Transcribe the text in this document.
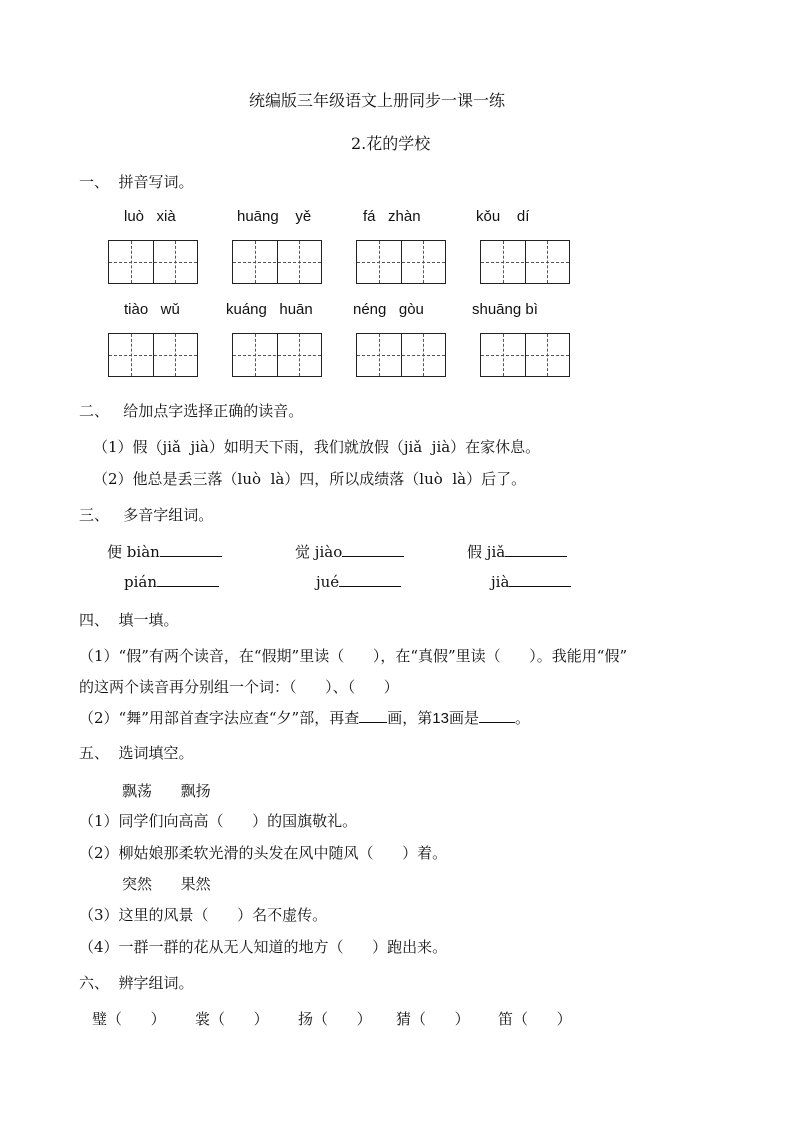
统编版三年级语文上册同步一课一练
2.花的学校
一、  拼音写词。
luò   xià	huāng    yě	fá   zhàn	kǒu    dí
tiào   wǔ	kuáng   huān	néng   gòu	shuāng bì
二、   给加点字选择正确的读音。
（1）假（jiǎ  jià）如明天下雨，我们就放假（jiǎ  jià）在家休息。
（2）他总是丢三落（luò  là）四，所以成绩落（luò  là）后了。
三、   多音字组词。
便 biàn	觉 jiào	假 jiǎ
pián	jué	jià
四、  填一填。
（1）“假”有两个读音，在“假期”里读（      ），在“真假”里读（      ）。我能用“假”
的这两个读音再分别组一个词：（      ）、（      ）
（2）“舞”用部首查字法应查“夕”部，再查 画，第13画是 。
五、  选词填空。
飘荡      飘扬
（1）同学们向高高（      ）的国旗敬礼。
（2）柳姑娘那柔软光滑的头发在风中随风（      ）着。
突然      果然
（3）这里的风景（      ）名不虚传。
（4）一群一群的花从无人知道的地方（      ）跑出来。
六、  辨字组词。
璧（      ） 裳（      ） 扬（      ） 猜（      ） 笛（      ）
